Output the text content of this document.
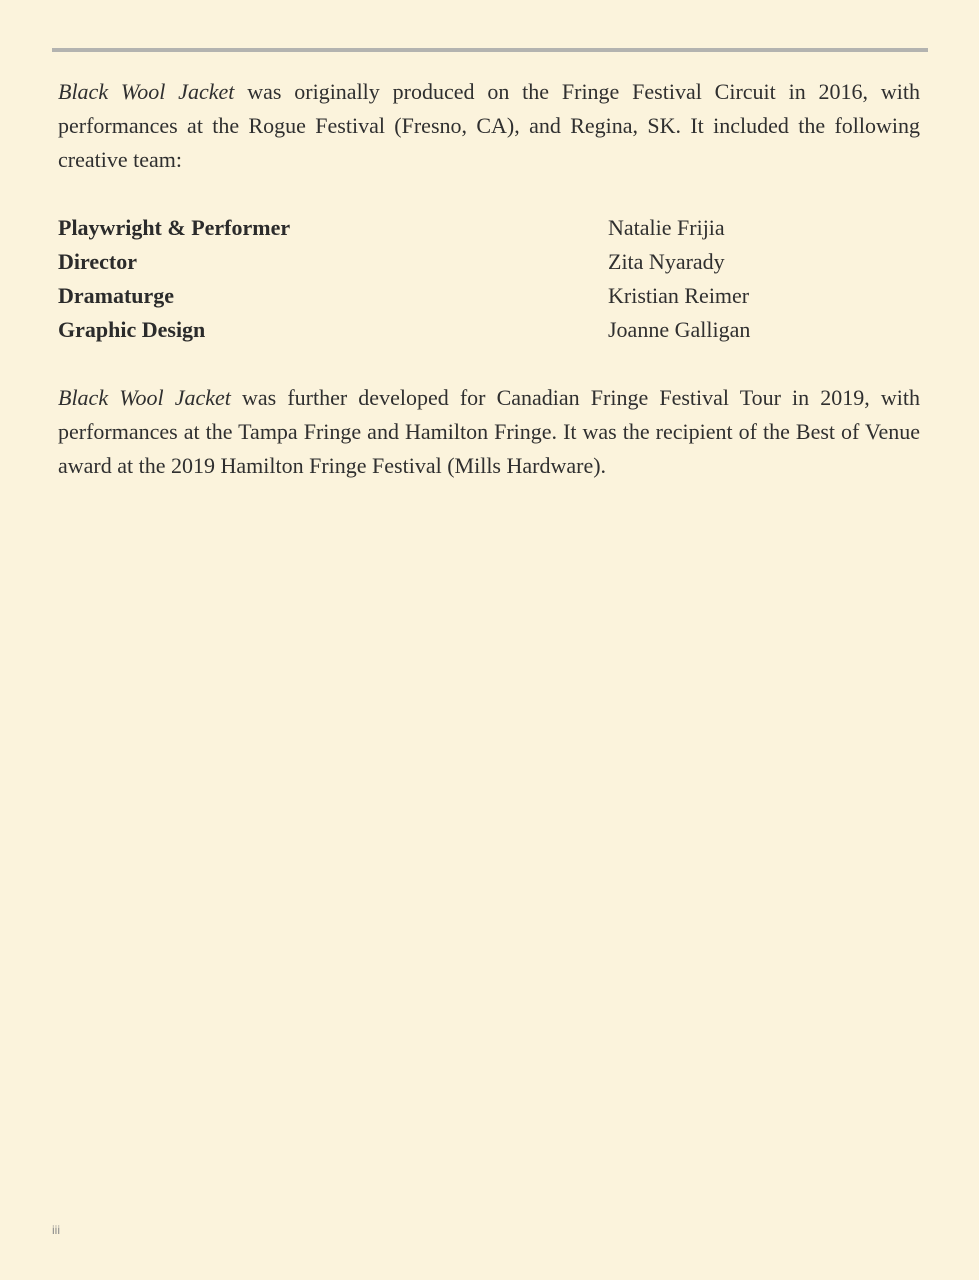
Black Wool Jacket was originally produced on the Fringe Festival Circuit in 2016, with performances at the Rogue Festival (Fresno, CA), and Regina, SK. It included the following creative team:

Playwright & Performer	Natalie Frijia
Director	Zita Nyarady
Dramaturge	Kristian Reimer
Graphic Design	Joanne Galligan

Black Wool Jacket was further developed for Canadian Fringe Festival Tour in 2019, with performances at the Tampa Fringe and Hamilton Fringe. It was the recipient of the Best of Venue award at the 2019 Hamilton Fringe Festival (Mills Hardware).

iii
